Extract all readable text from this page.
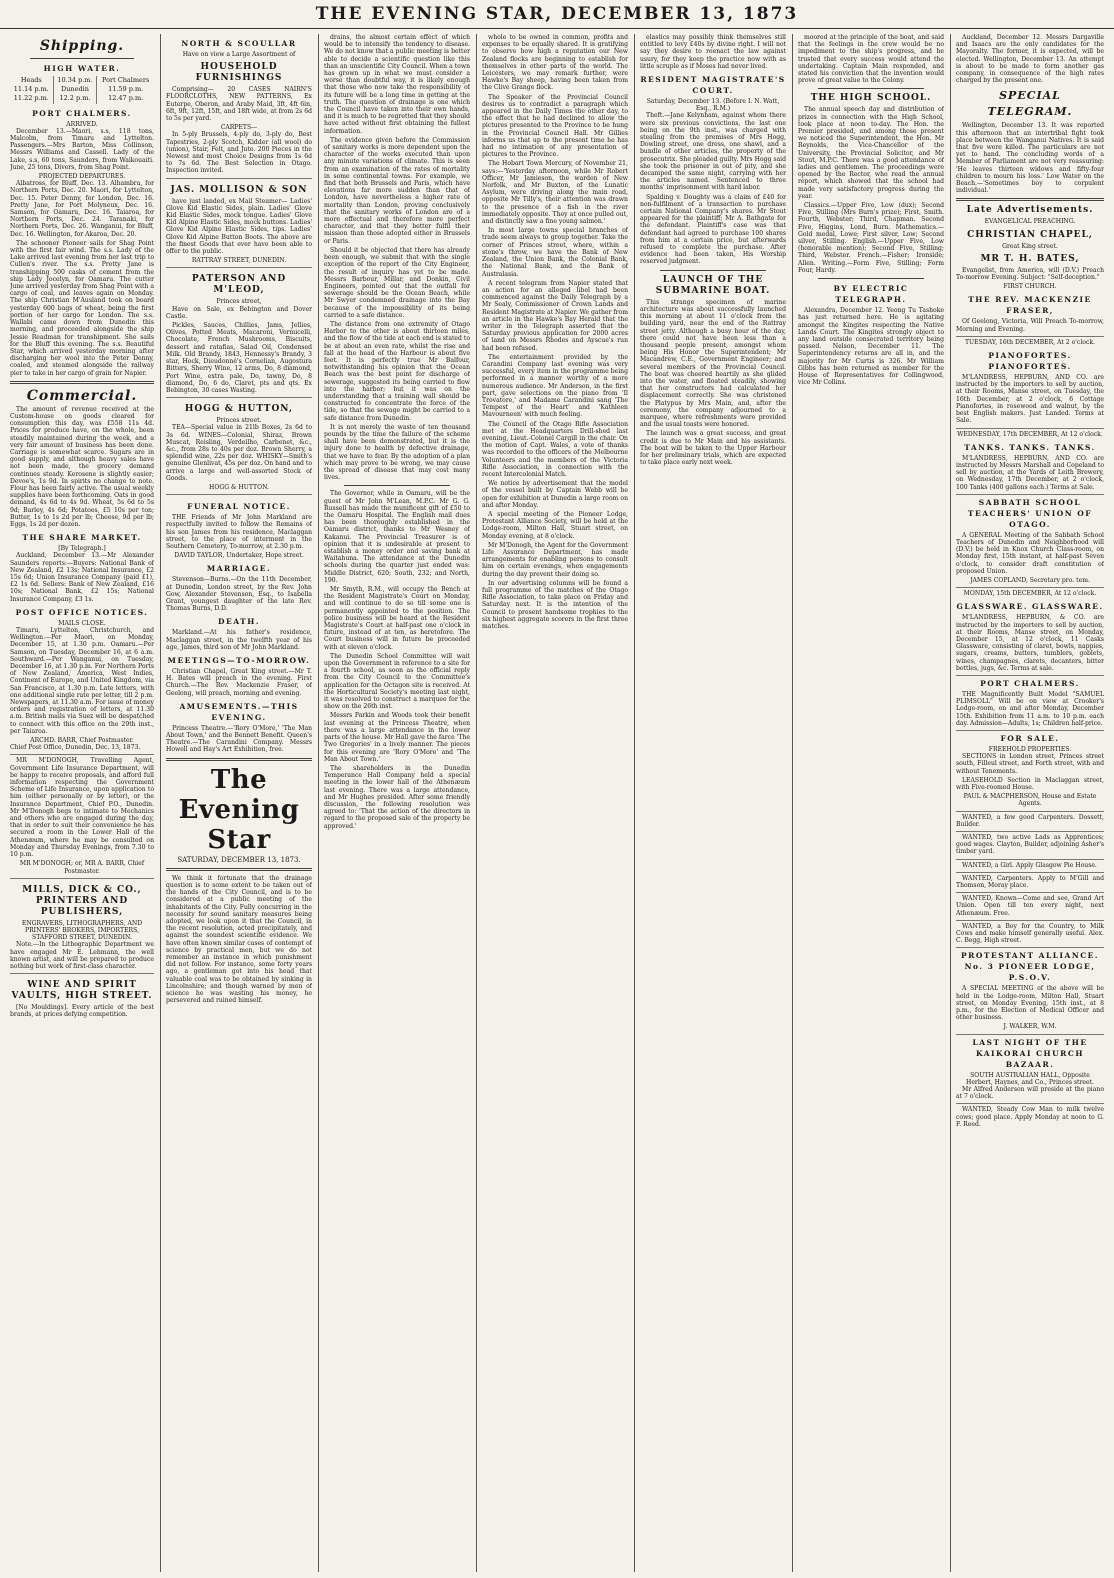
THE EVENING STAR, DECEMBER 13, 1873
Shipping.
HIGH WATER.
Heads	10.34 p.m.	Port Chalmers
11.14 p.m.	Dunedin	11.59 p.m.
11.22 p.m.	12.2 p.m.	12.47 p.m.
PORT CHALMERS.
ARRIVED.

December 13.—Maori, s.s, 118 tons, Malcolm, from Timaru and Lyttelton. Passengers.—Mrs Barton, Miss Collinson, Messrs Williams and Cassell. Lady of the Lake, s.s, 60 tons, Saunders, from Waikouaiti. June, 25 tons, Divers, from Shag Point.

PROJECTED DEPARTURES.

Albatross, for Bluff, Dec. 13. Alhambra, for Northern Ports, Dec. 20. Maori, for Lyttelton, Dec. 15. Peter Denny, for London, Dec. 16. Pretty Jane, for Port Molyneux, Dec. 16. Samson, for Oamaru, Dec. 16. Taiaroa, for Northern Ports, Dec. 24. Taranaki, for Northern Ports, Dec. 26. Wanganui, for Bluff, Dec. 16. Wellington, for Akaroa, Dec. 20.

The schooner Pioneer sails for Shag Point with the first fair wind. The s.s. Lady of the Lake arrived last evening from her last trip to Cullen's river. The s.s. Pretty Jane is transhipping 500 casks of cement from the ship Lady Jocelyn, for Oamaru. The cutter June arrived yesterday from Shag Point with a cargo of coal, and leaves again on Monday. The ship Christian M'Ausland took on board yesterday 600 bags of wheat, being the first portion of her cargo for London. The s.s. Wallabi came down from Dunedin this morning, and proceeded alongside the ship Jessie Readman for transhipment. She sails for the Bluff this evening. The s.s. Beautiful Star, which arrived yesterday morning after discharging her wool into the Peter Denny, coaled, and steamed alongside the railway pier to take in her cargo of grain for Napier.

Commercial.

The amount of revenue received at the Custom-house on goods cleared for consumption this day, was £558 11s 4d. Prices for produce have, on the whole, been steadily maintained during the week, and a very fair amount of business has been done. Carriage is somewhat scarce. Sugars are in good supply, and although heavy sales have not been made, the grocery demand continues steady. Kerosene is slightly easier; Devoe's, 1s 9d. In spirits no change to note. Flour has been fairly active. The usual weekly supplies have been forthcoming. Oats in good demand, 4s 6d to 4s 9d. Wheat, 5s 6d to 5s 9d; Barley, 4s 6d; Potatoes, £5 10s per ton; Butter, 1s to 1s 2d per lb; Cheese, 9d per lb; Eggs, 1s 2d per dozen.

THE SHARE MARKET.
[By Telegraph.]

Auckland, December 13.—Mr Alexander Saunders reports:—Buyers: National Bank of New Zealand, £2 13s; National Insurance, £2 15s 6d; Union Insurance Company (paid £1), £2 1s 6d. Sellers: Bank of New Zealand, £16 10s; National Bank, £2 15s; National Insurance Company, £3 1s.

POST OFFICE NOTICES.
MAILS CLOSE.

Timaru, Lyttelton, Christchurch, and Wellington.—Per Maori, on Monday, December 15, at 1.30 p.m. Oamaru.—Per Samson, on Tuesday, December 16, at 6 a.m. Southward.—Per Wanganui, on Tuesday, December 16, at 1.30 p.m. For Northern Ports of New Zealand, America, West Indies, Continent of Europe, and United Kingdom, via San Francisco, at 1.30 p.m. Late letters, with one additional single rate per letter, till 2 p.m. Newspapers, at 11.30 a.m. For issue of money orders and registration of letters, at 11.30 a.m. British mails via Suez will be despatched to connect with this office on the 29th inst., per Taiaroa.

ARCHD. BARR, Chief Postmaster.
Chief Post Office, Dunedin, Dec. 13, 1873.

MR M'DONOGH, Travelling Agent, Government Life Insurance Department, will be happy to receive proposals, and afford full information respecting the Government Scheme of Life Insurance, upon application to him (either personally or by letter), or the Insurance Department, Chief P.O., Dunedin. Mr M'Donogh begs to intimate to Mechanics and others who are engaged during the day, that in order to suit their convenience he has secured a room in the Lower Hall of the Athenæum, where he may be consulted on Monday and Thursday Evenings, from 7.30 to 10 p.m.

MR M'DONOGH; or, MR A. BARR, Chief Postmaster.
MILLS, DICK & CO., PRINTERS AND PUBLISHERS,
ENGRAVERS, LITHOGRAPHERS, AND PRINTERS' BROKERS, IMPORTERS, STAFFORD STREET, DUNEDIN.

Note.—In the Lithographic Department we have engaged Mr E. Lehmann, the well known artist, and will be prepared to produce nothing but work of first-class character.

WINE AND SPIRIT VAULTS, HIGH STREET.

[No Mouldings]. Every article of the best brands, at prices defying competition.

NORTH & SCOULLAR
Have on view a Large Assortment of
HOUSEHOLD FURNISHINGS

Comprising— 20 CASES NAIRN'S FLOORCLOTHS, NEW PATTERNS, Ex Euterpe, Oberon, and Araby Maid, 3ft, 4ft 6in, 6ft, 9ft, 12ft, 15ft, and 18ft wide, at from 2s 6d to 5s per yard.

CARPETS—

In 5-ply Brussels, 4-ply do, 3-ply do, Best Tapestries, 2-ply Scotch, Kidder (all wool) do (union), Stair, Felt, and Jute. 200 Pieces in the Newest and most Choice Designs from 1s 6d to 7s 6d. The Best Selection in Otago. Inspection invited.

JAS. MOLLISON & SON

have just landed, ex Mail Steamer— Ladies' Glove Kid Elastic Sides, plain. Ladies' Glove Kid Elastic Sides, mock tongue. Ladies' Glove Kid Alpine Elastic Sides, mock buttons. Ladies' Glove Kid Alpine Elastic Sides, tips. Ladies' Glove Kid Alpine Button Boots. The above are the finest Goods that ever have been able to offer to the public.

RATTRAY STREET, DUNEDIN.
PATERSON AND M'LEOD,
Princes street,

Have on Sale, ex Bebington and Dover Castle.

Pickles, Sauces, Chillies, Jams, Jellies, Olives, Potted Meats, Macaroni, Vermicelli, Chocolate, French Mushrooms, Biscuits, dessert and ratafias, Salad Oil, Condensed Milk. Old Brandy, 1843, Hennessy's Brandy, 3 star, Hock, Dieudonné's Cornelian, Augostura Bitters, Sherry Wine, 12 arms, Do, 8 diamond, Port Wine, extra pale, Do, tawny, Do, 8 diamond, Do, 6 do, Claret, pts and qts. Ex Bebington, 30 cases Wasting.

HOGG & HUTTON,
Princes street.

TEA—Special value in 21lb Boxes, 2s 6d to 3s 6d. WINES—Colonial, Shiraz, Brown Muscat, Reisling, Verdeilho, Carbenet, &c., &c., from 28s to 40s per doz. Brown Sherry, a splendid wine, 22s per doz. WHISKY—Smith's genuine Glenlivat, 45s per doz. On hand and to arrive a large and well-assorted Stock of Goods.

HOGG & HUTTON.
FUNERAL NOTICE.

THE Friends of Mr John Markland are respectfully invited to follow the Remains of his son James from his residence, Maclaggan street, to the place of interment in the Southern Cemetery, To-morrow, at 2.30 p.m.

DAVID TAYLOR, Undertaker, Hope street.
MARRIAGE.

Stevenson—Burns.—On the 11th December, at Dunedin, London street, by the Rev. John Gow, Alexander Stevenson, Esq., to Isabella Grant, youngest daughter of the late Rev. Thomas Burns, D.D.

DEATH.

Markland.—At his father's residence, Maclaggan street, in the twelfth year of his age, James, third son of Mr John Markland.

MEETINGS—TO-MORROW.

Christian Chapel, Great King street.—Mr T. H. Bates will preach in the evening. First Church.—The Rev. Mackenzie Fraser, of Geelong, will preach, morning and evening.

AMUSEMENTS.—THIS EVENING.

Princess Theatre.—'Rory O'More,' 'The Man About Town,' and the Bennett Benefit. Queen's Theatre.—The Carandini Company. Messrs Howell and Hay's Art Exhibition, free.

The Evening Star
SATURDAY, DECEMBER 13, 1873.

We think it fortunate that the drainage question is to some extent to be taken out of the hands of the City Council, and is to be considered at a public meeting of the inhabitants of the City. Fully concurring in the necessity for sound sanitary measures being adopted, we look upon it that the Council, in the recent resolution, acted precipitately, and against the soundest scientific evidence. We have often known similar cases of contempt of science by practical men, but we do not remember an instance in which punishment did not follow. For instance, some forty years ago, a gentleman got into his head that valuable coal was to be obtained by sinking in Lincolnshire; and though warned by men of science he was wasting his money, he persevered and ruined himself.

drains, the almost certain effect of which would be to intensify the tendency to disease. We do not know that a public meeting is better able to decide a scientific question like this than an unscientific City Council. When a town has grown up in what we must consider a worse than doubtful way, it is likely enough that those who now take the responsibility of its future will be a long time in getting at the truth. The question of drainage is one which the Council have taken into their own hands, and it is much to be regretted that they should have acted without first obtaining the fullest information.

The evidence given before the Commission of sanitary works is more dependent upon the character of the works executed than upon any minute variations of climate. This is seen from an examination of the rates of mortality in some continental towns. For example, we find that both Brussels and Paris, which have elevations far more sudden than that of London, have nevertheless a higher rate of mortality than London, proving conclusively that the sanitary works of London are of a more effectual and therefore more perfect character, and that they better fulfil their mission than those adopted either in Brussels or Paris.

Should it be objected that there has already been enough, we submit that with the single exception of the report of the City Engineer, the result of inquiry has yet to be made. Messrs Barbour, Millar, and Donkin, Civil Engineers, pointed out that the outfall for sewerage should be the Ocean Beach, while Mr Swyer condemned drainage into the Bay because of the impossibility of its being carried to a safe distance.

The distance from one extremity of Otago Harbor to the other is about thirteen miles, and the flow of the tide at each end is stated to be at about an even rate, whilst the rise and fall at the head of the Harbour is about five feet. It is perfectly true Mr Balfour, notwithstanding his opinion that the Ocean Beach was the best point for discharge of sewerage, suggested its being carried to flow into the harbor; but it was on the understanding that a training wall should be constructed to concentrate the force of the tide, so that the sewage might be carried to a safe distance from Dunedin.

It is not merely the waste of ten thousand pounds by the time the failure of the scheme shall have been demonstrated, but it is the injury done to health by defective drainage, that we have to fear. By the adoption of a plan which may prove to be wrong, we may cause the spread of disease that may cost many lives.

The Governor, while in Oamaru, will be the guest of Mr John M'Lean, M.P.C. Mr G. G. Russell has made the munificent gift of £50 to the Oamaru Hospital. The English mail dues has been thoroughly established in the Oamaru district, thanks to Mr Wesney of Kakanui. The Provincial Treasurer is of opinion that it is undesirable at present to establish a money order and saving bank at Waitahuna. The attendance at the Dunedin schools during the quarter just ended was: Middle District, 620; South, 232; and North, 190.

Mr Smyth, R.M., will occupy the Bench at the Resident Magistrate's Court on Monday, and will continue to do so till some one is permanently appointed to the position. The police business will be heard at the Resident Magistrate's Court at half-past one o'clock in future, instead of at ten, as heretofore. The Court business will in future be proceeded with at eleven o'clock.

The Dunedin School Committee will wait upon the Government in reference to a site for a fourth school, as soon as the official reply from the City Council to the Committee's application for the Octagon site is received. At the Horticultural Society's meeting last night, it was resolved to construct a marquee for the show on the 26th inst.

Messrs Parkin and Woods took their benefit last evening at the Princess Theatre, when there was a large attendance in the lower parts of the house. Mr Hall gave the farce 'The Two Gregories' in a lively manner. The pieces for this evening are 'Rory O'More' and 'The Man About Town.'

The shareholders in the Dunedin Temperance Hall Company held a special meeting in the lower hall of the Athenæum last evening. There was a large attendance, and Mr Hughes presided. After some friendly discussion, the following resolution was agreed to: 'That the action of the directors in regard to the proposed sale of the property be approved.'

whole to be owned in common, profits and expenses to be equally shared. It is gratifying to observe how high a reputation our New Zealand flocks are beginning to establish for themselves in other parts of the world. The Leicesters, we may remark further, were Hawke's Bay sheep, having been taken from the Clive Grange flock.

The Speaker of the Provincial Council desires us to contradict a paragraph which appeared in the Daily Times the other day, to the effect that he had declined to allow the pictures presented to the Province to be hung in the Provincial Council Hall. Mr Gillies informs us that up to the present time he has had no intimation of any presentation of pictures to the Province.

The Hobart Town Mercury, of November 21, says:—'Yesterday afternoon, while Mr Robert Officer, Mr Jamieson, the warden of New Norfolk, and Mr Buxton, of the Lunatic Asylum, were driving along the main road, opposite Mr Tilly's, their attention was drawn to the presence of a fish in the river immediately opposite. They at once pulled out, and distinctly saw a fine young salmon.'

In most large towns special branches of trade seem always to group together. Take the corner of Princes street, where, within a stone's throw, we have the Bank of New Zealand, the Union Bank, the Colonial Bank, the National Bank, and the Bank of Australasia.

A recent telegram from Napier stated that an action for an alleged libel had been commenced against the Daily Telegraph by a Mr Sealy, Commissioner of Crown Lands and Resident Magistrate at Napier. We gather from an article in the Hawke's Bay Herald that the writer in the Telegraph asserted that the Saturday previous application for 2000 acres of land on Messrs Rhodes and Ayscue's run had been refused.

The entertainment provided by the Carandini Company last evening was very successful, every item in the programme being performed in a manner worthy of a more numerous audience. Mr Anderson, in the first part, gave selections on the piano from 'Il Trovatore,' and Madame Carandini sang 'The Tempest of the Heart' and 'Kathleen Mavourneen' with much feeling.

The Council of the Otago Rifle Association met at the Headquarters Drill-shed last evening, Lieut.-Colonel Cargill in the chair. On the motion of Capt. Wales, a vote of thanks was recorded to the officers of the Melbourne Volunteers and the members of the Victoria Rifle Association, in connection with the recent Intercolonial Match.

We notice by advertisement that the model of the vessel built by Captain Webb will be open for exhibition at Dunedin a large room on and after Monday.

A special meeting of the Pioneer Lodge, Protestant Alliance Society, will be held at the Lodge-room, Milton Hall, Stuart street, on Monday evening, at 8 o'clock.

Mr M'Donogh, the Agent for the Government Life Assurance Department, has made arrangements for enabling persons to consult him on certain evenings, when engagements during the day prevent their doing so.

In our advertising columns will be found a full programme of the matches of the Otago Rifle Association, to take place on Friday and Saturday next. It is the intention of the Council to present handsome trophies to the six highest aggregate scorers in the first three matches.

elastics may possibly think themselves still entitled to levy £40s by divine right. I will not say they desire to reenact the law against usury, for they keep the practice now with as little scruple as if Moses had never lived.

RESIDENT MAGISTRATE'S COURT.
Saturday, December 13. (Before I. N. Watt, Esq., R.M.)

Theft.—Jane Kelynham, against whom there were six previous convictions, the last one being on the 9th inst., was charged with stealing from the premises of Mrs Hogg, Dowling street, one dress, one shawl, and a bundle of other articles, the property of the prosecutrix. She pleaded guilty. Mrs Hogg said she took the prisoner in out of pity, and she decamped the same night, carrying with her the articles named. Sentenced to three months' imprisonment with hard labor.

Spalding v. Doughty was a claim of £40 for non-fulfilment of a transaction to purchase certain National Company's shares. Mr Stout appeared for the plaintiff; Mr A. Bathgate for the defendant. Plaintiff's case was that defendant had agreed to purchase 100 shares from him at a certain price, but afterwards refused to complete the purchase. After evidence had been taken, His Worship reserved judgment.

LAUNCH OF THE SUBMARINE BOAT.

This strange specimen of marine architecture was about successfully launched this morning at about 11 o'clock from the building yard, near the end of the Rattray street jetty. Although a busy hour of the day, there could not have been less than a thousand people present, amongst whom being His Honor the Superintendent; Mr Macandrew, C.E., Government Engineer; and several members of the Provincial Council. The boat was cheered heartily as she glided into the water, and floated steadily, showing that her constructors had calculated her displacement correctly. She was christened the Platypus by Mrs Main, and, after the ceremony, the company adjourned to a marquee, where refreshments were provided and the usual toasts were honored.

The launch was a great success, and great credit is due to Mr Main and his assistants. The boat will be taken to the Upper Harbour for her preliminary trials, which are expected to take place early next week.

moored at the principle of the boat, and said that the feelings in the crew would be no impediment to the ship's progress, and he trusted that every success would attend the undertaking. Captain Main responded, and stated his conviction that the invention would prove of great value to the Colony.

THE HIGH SCHOOL.

The annual speech day and distribution of prizes in connection with the High School, took place at noon to-day. The Hon. the Premier presided, and among those present we noticed the Superintendent, the Hon. Mr Reynolds, the Vice-Chancellor of the University, the Provincial Solicitor, and Mr Stout, M.P.C. There was a good attendance of ladies and gentlemen. The proceedings were opened by the Rector, who read the annual report, which showed that the school had made very satisfactory progress during the year.

Classics.—Upper Five, Low (dux); Second Five, Stilling (Mrs Burn's prize); First, Smith. Fourth, Webster; Third, Chapman. Second Five, Higgins, Lond, Burn. Mathematics.—Gold medal, Lowe; First silver, Low; Second silver, Stilling. English.—Upper Five, Low (honorable mention); Second Five, Stilling; Third, Webster. French.—Fisher; Ironside; Allen. Writing.—Form Five, Stilling; Form Four, Hardy.

BY ELECTRIC TELEGRAPH.

Alexandra, December 12. Yeong Tu Tashoke has just returned here. He is agitating amongst the Kingites respecting the Native Lands Court. The Kingites strongly object to any land outside consecrated territory being passed. Nelson, December 11. The Superintendency returns are all in, and the majority for Mr Curtis is 326. Mr William Gibbs has been returned as member for the House of Representatives for Collingwood, vice Mr Collins.

Auckland, December 12. Messrs Dargaville and Isaacs are the only candidates for the Mayoralty. The former, it is expected, will be elected. Wellington, December 13. An attempt is about to be made to form another gas company, in consequence of the high rates charged by the present one.

SPECIAL TELEGRAM.

Wellington, December 13. It was reported this afternoon that an intertribal fight took place between the Wanganui Natives. It is said that five were killed. The particulars are not yet to hand. The concluding words of a Member of Parliament are not very reassuring: 'He leaves thirteen widows and fifty-four children to mourn his loss.' Low Water on the Beach.—'Sometimes boy to corpulent individual.'

Late Advertisements.
EVANGELICAL PREACHING.
CHRISTIAN CHAPEL,
Great King street.
MR T. H. BATES,

Evangelist, from America, will (D.V.) Preach To-morrow Evening. Subject: "Self-deception."

FIRST CHURCH.
THE REV. MACKENZIE FRASER,

Of Geelong, Victoria, Will Preach To-morrow, Morning and Evening.

TUESDAY, 16th DECEMBER, At 2 o'clock.
PIANOFORTES. PIANOFORTES.

M'LANDRESS, HEPBURN, AND CO. are instructed by the importers to sell by auction, at their Rooms, Manse street, on Tuesday, the 16th December, at 2 o'clock, 6 Cottage Pianofortes, in rosewood and walnut, by the best English makers. Just Landed. Terms at Sale.

WEDNESDAY, 17th DECEMBER, At 12 o'clock.
TANKS. TANKS. TANKS.

M'LANDRESS, HEPBURN, AND CO. are instructed by Messrs Marshall and Copeland to sell by auction, at the Yards of Leith Brewery, on Wednesday, 17th December, at 2 o'clock, 100 Tanks (400 gallons each.) Terms at Sale.

SABBATH SCHOOL TEACHERS' UNION OF OTAGO.

A GENERAL Meeting of the Sabbath School Teachers of Dunedin and Neighborhood will (D.V.) be held in Knox Church Class-room, on Monday first, 15th instant, at half-past Seven o'clock, to consider draft constitution of proposed Union.

JAMES COPLAND, Secretary pro. tem.
MONDAY, 15th DECEMBER, At 12 o'clock.
GLASSWARE. GLASSWARE.

M'LANDRESS, HEPBURN, & CO. are instructed by the importers to sell by auction, at their Rooms, Manse street, on Monday, December 15, at 12 o'clock, 11 Casks Glassware, consisting of claret, bowls, nappies, sugars, creams, butters, tumblers, goblets, wines, champagnes, clarets, decanters, bitter bottles, jugs, &c. Terms at sale.

PORT CHALMERS.

THE Magnificently Built Model "SAMUEL PLIMSOLL" Will be on view at Crooker's Lodge-room, on and after Monday, December 15th. Exhibition from 11 a.m. to 10 p.m. each day. Admission—Adults, 1s; Children half-price.

FOR SALE.
FREEHOLD PROPERTIES.

SECTIONS in London street, Princes street south, Filleul street, and Forth street, with and without Tenements.

LEASEHOLD Section in Maclaggan street, with Five-roomed House.

PAUL & MACPHERSON, House and Estate Agents.

WANTED, a few good Carpenters. Dossett, Builder.

WANTED, two active Lads as Apprentices; good wages. Clayton, Builder, adjoining Asher's timber yard.

WANTED, a Girl. Apply Glasgow Pie House.

WANTED, Carpenters. Apply to M'Gill and Thomson, Moray place.

WANTED, Known—Come and see, Grand Art Union. Open till ten every night, next Athenæum. Free.

WANTED, a Boy for the Country, to Milk Cows and make himself generally useful. Alex. C. Begg, High street.

PROTESTANT ALLIANCE. No. 3 PIONEER LODGE, P.S.O.V.

A SPECIAL MEETING of the above will be held in the Lodge-room, Milton Hall, Stuart street, on Monday Evening, 15th inst., at 8 p.m., for the Election of Medical Officer and other business.

J. WALKER, W.M.
LAST NIGHT OF THE KAIKORAI CHURCH BAZAAR.
SOUTH AUSTRALIAN HALL, Opposite Herbert, Haynes, and Co., Princes street.

Mr Alfred Anderson will preside at the piano at 7 o'clock.

WANTED, Steady Cow Man to milk twelve cows; good place. Apply Monday at noon to G. F. Reed.
